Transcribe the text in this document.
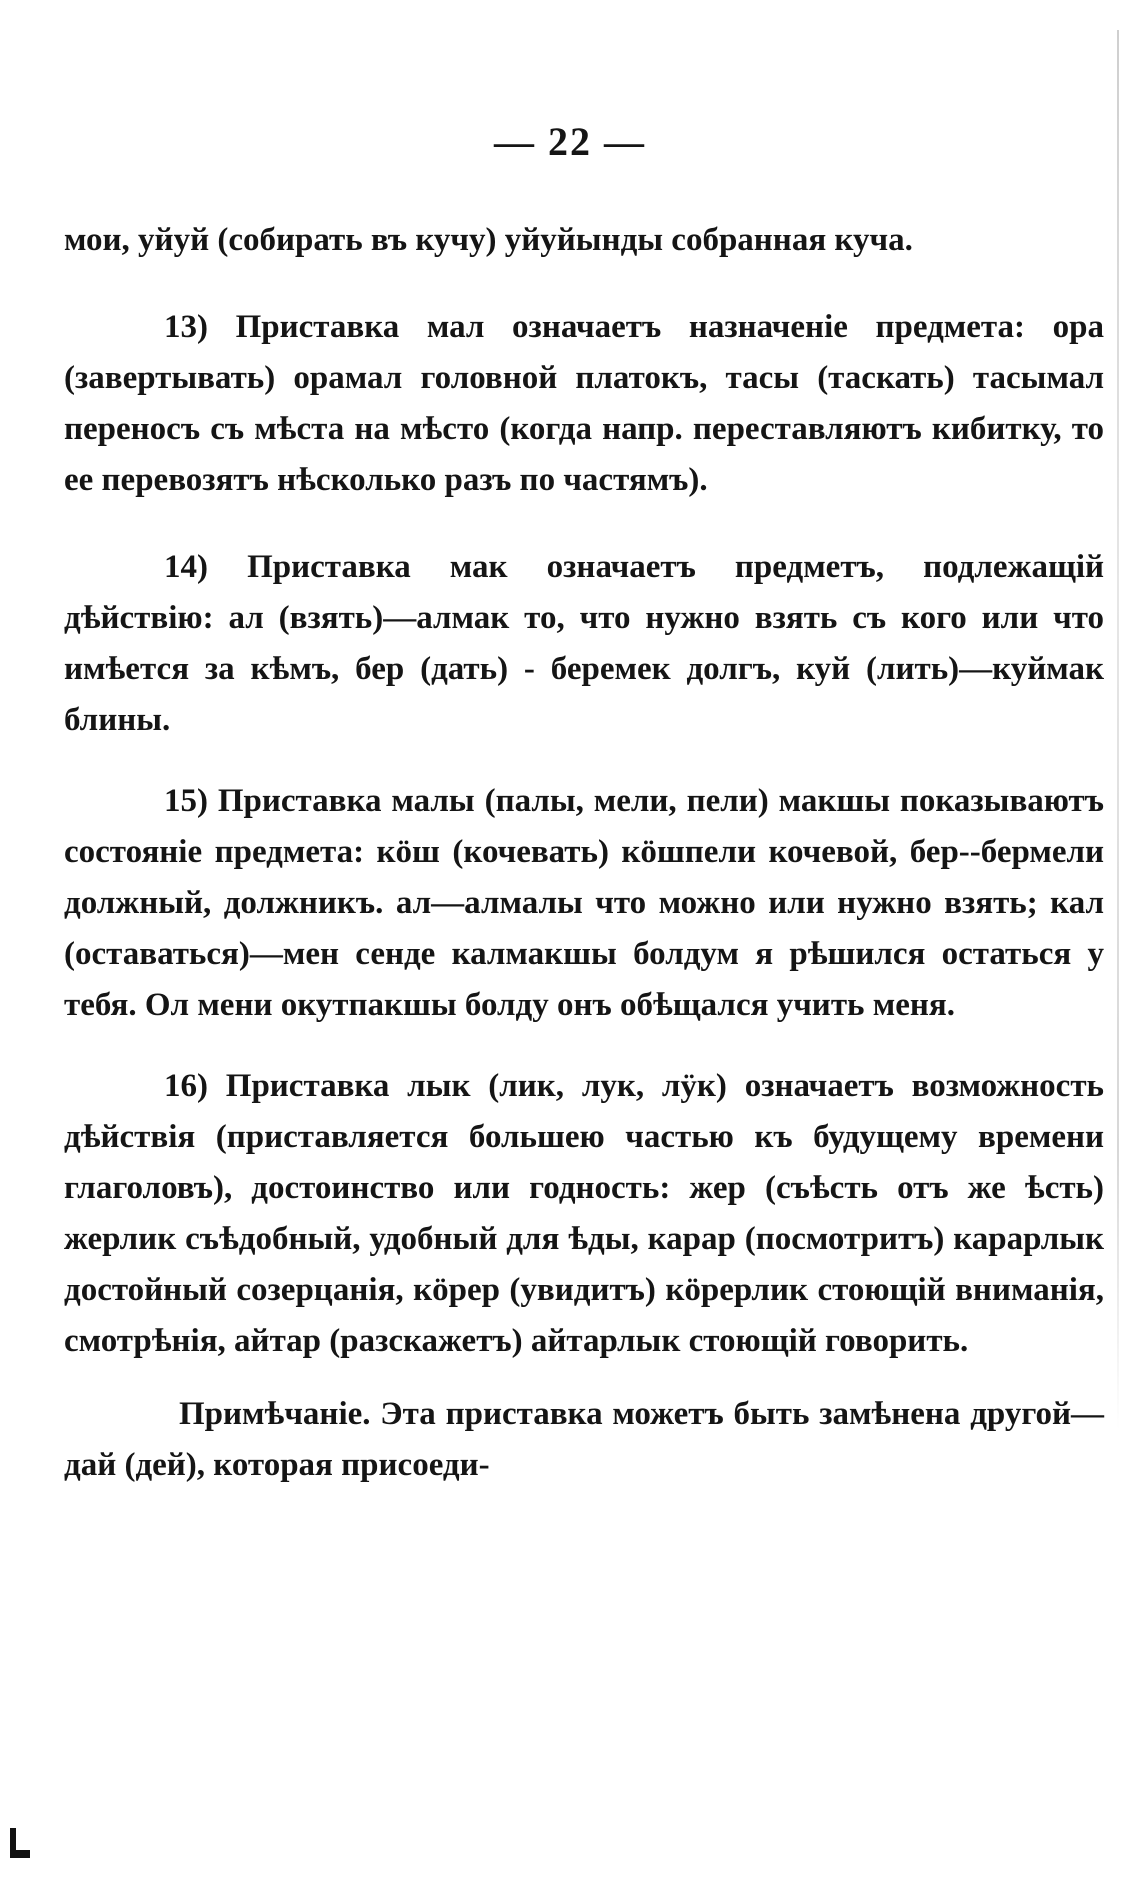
— 22 —

мои, уйуй (собирать въ кучу) уйуйынды собранная куча.

13) Приставка мал означаетъ назначеніе предмета: ора (завертывать) орамал головной платокъ, тасы (таскать) тасымал переносъ съ мѣста на мѣсто (когда напр. переставляютъ кибитку, то ее перевозятъ нѣсколько разъ по частямъ).

14) Приставка мак означаетъ предметъ, подлежащій дѣйствію: ал (взять)—алмак то, что нужно взять съ кого или что имѣется за кѣмъ, бер (дать) - беремек долгъ, куй (лить)—куймак блины.

15) Приставка малы (палы, мели, пели) макшы показываютъ состояніе предмета: кöш (кочевать) кöшпели кочевой, бер--бермели должный, должникъ. ал—алмалы что можно или нужно взять; кал (оставаться)—мен сенде калмакшы болдум я рѣшился остаться у тебя. Ол мени окутпакшы болду онъ обѣщался учить меня.

16) Приставка лык (лик, лук, лÿк) означаетъ возможность дѣйствія (приставляется большею частью къ будущему времени глаголовъ), достоинство или годность: жер (съѣсть отъ же ѣсть) жерлик съѣдобный, удобный для ѣды, карар (посмотритъ) карарлык достойный созерцанія, кöрер (увидитъ) кöрерлик стоющій вниманія, смотрѣнія, айтар (разскажетъ) айтарлык стоющій говорить.

Примѣчаніе. Эта приставка можетъ быть замѣнена другой—дай (дей), которая присоеди-
